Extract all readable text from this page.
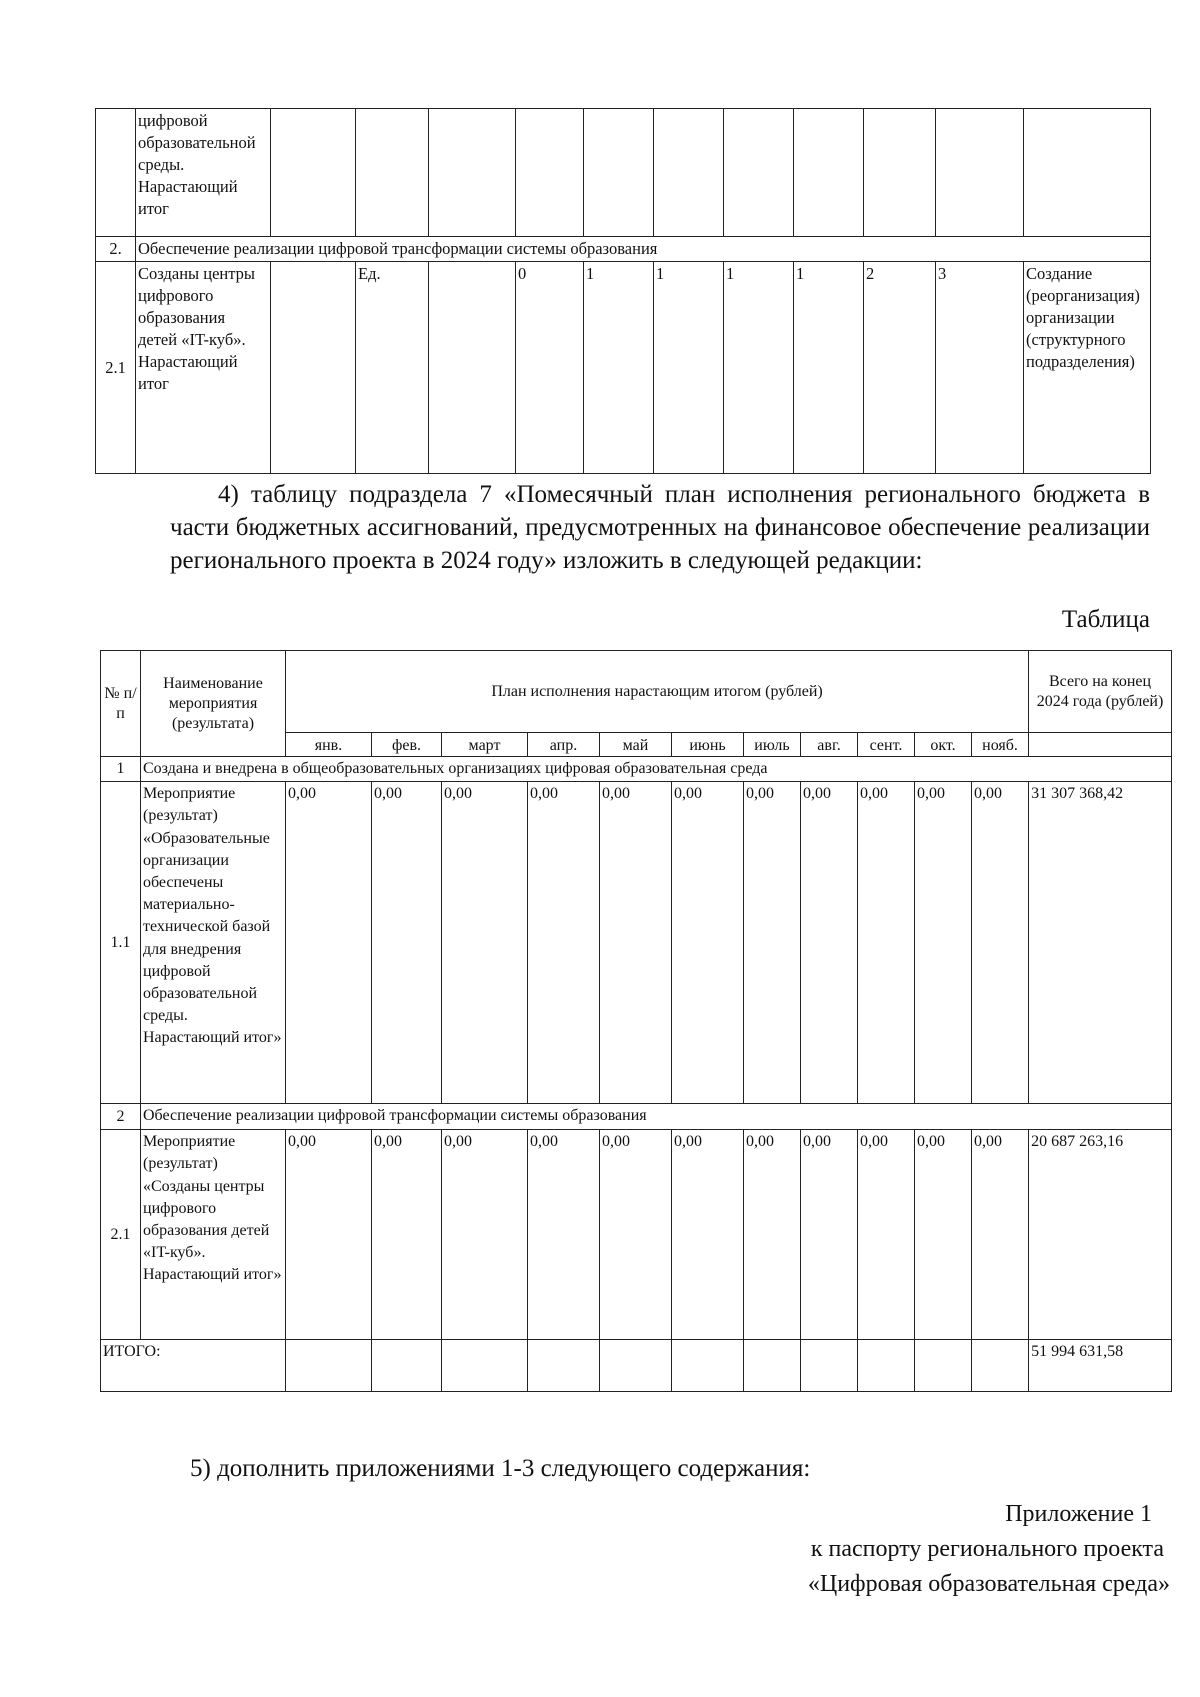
	цифровой образовательной среды. Нарастающий итог											
2.	Обеспечение реализации цифровой трансформации системы образования											
2.1	Созданы центры цифрового образования детей «IT-куб». Нарастающий итог		Ед.		0	1	1	1	1	2	3	Создание (реорганизация) организации (структурного подразделения)
4) таблицу подраздела 7 «Помесячный план исполнения регионального бюджета в части бюджетных ассигнований, предусмотренных на финансовое обеспечение реализации регионального проекта в 2024 году» изложить в следующей редакции:
Таблица
№ п/п	Наименование мероприятия (результата)	План исполнения нарастающим итогом (рублей)											Всего на конец 2024 года (рублей)
		янв.	фев.	март	апр.	май	июнь	июль	авг.	сент.	окт.	нояб.	
1	Создана и внедрена в общеобразовательных организациях цифровая образовательная среда												
1.1	Мероприятие (результат) «Образовательные организации обеспечены материально-технической базой для внедрения цифровой образовательной среды. Нарастающий итог»	0,00	0,00	0,00	0,00	0,00	0,00	0,00	0,00	0,00	0,00	0,00	31 307 368,42
2	Обеспечение реализации цифровой трансформации системы образования												
2.1	Мероприятие (результат) «Созданы центры цифрового образования детей «IT-куб». Нарастающий итог»	0,00	0,00	0,00	0,00	0,00	0,00	0,00	0,00	0,00	0,00	0,00	20 687 263,16
ИТОГО:													51 994 631,58
5) дополнить приложениями 1-3 следующего содержания:
Приложение 1
к паспорту регионального проекта
«Цифровая образовательная среда»
